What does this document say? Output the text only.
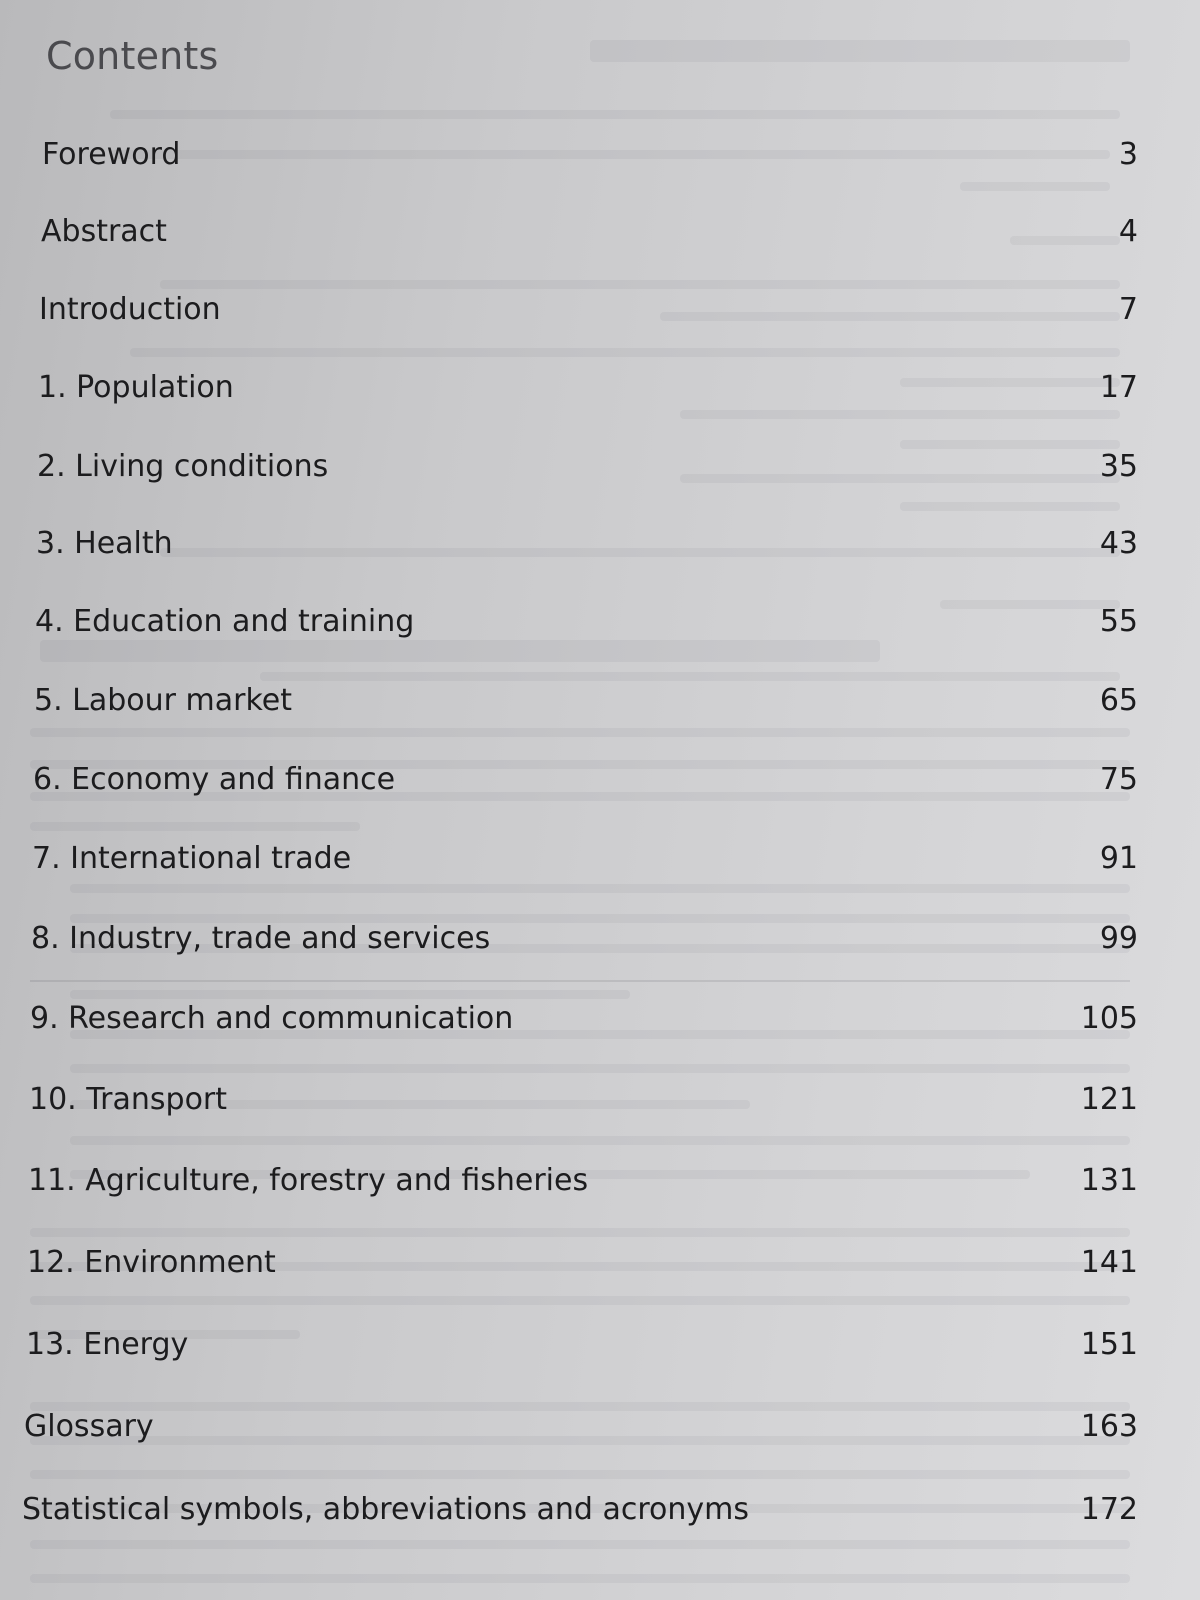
Contents
Foreword	3
Abstract	4
Introduction	7
1. Population	17
2. Living conditions	35
3. Health	43
4. Education and training	55
5. Labour market	65
6. Economy and finance	75
7. International trade	91
8. Industry, trade and services	99
9. Research and communication	105
10. Transport	121
11. Agriculture, forestry and fisheries	131
12. Environment	141
13. Energy	151
Glossary	163
Statistical symbols, abbreviations and acronyms	172
